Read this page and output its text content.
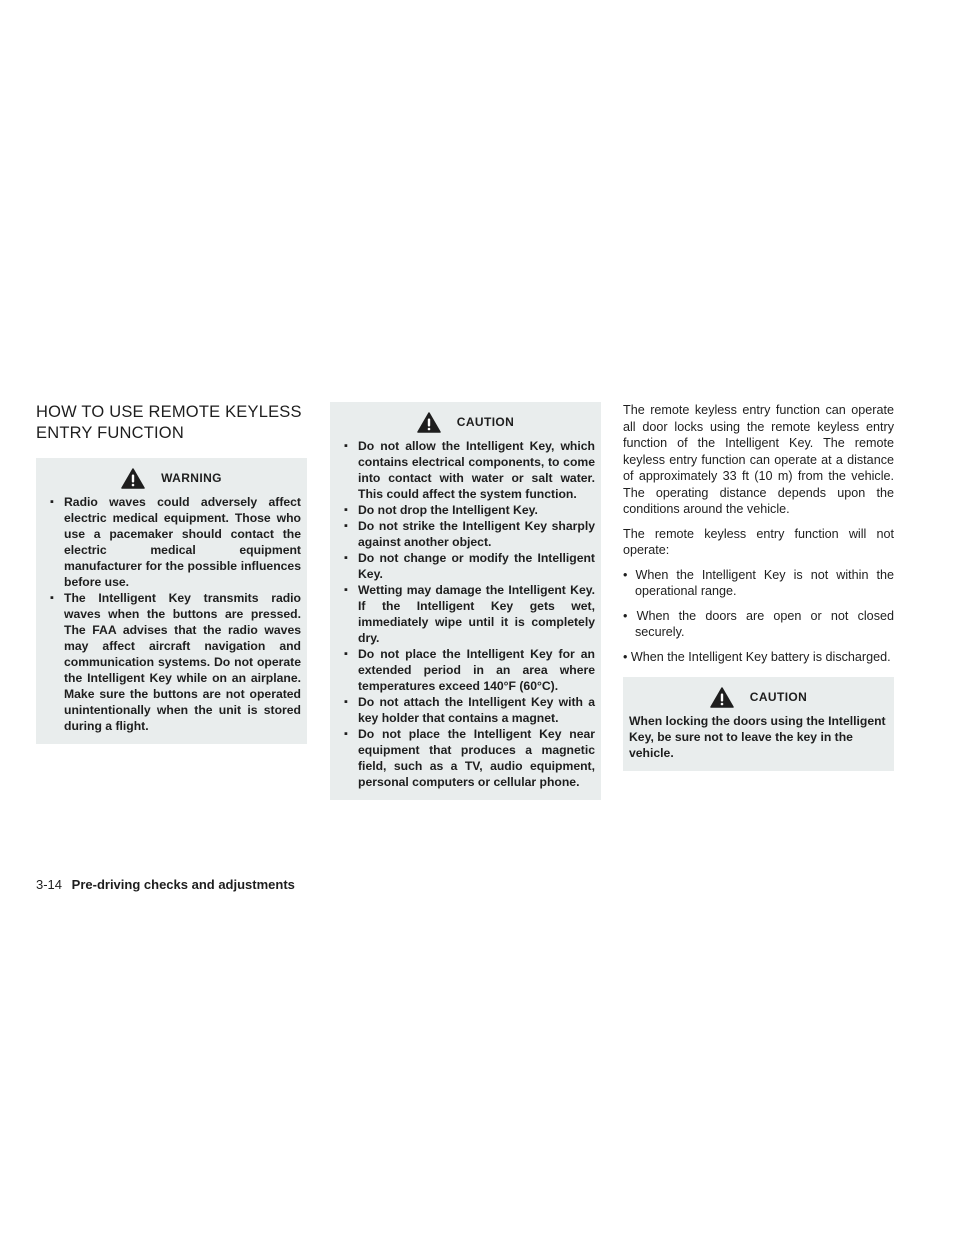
HOW TO USE REMOTE KEYLESS
ENTRY FUNCTION
WARNING
▪ Radio waves could adversely affect electric medical equipment. Those who use a pacemaker should contact the electric medical equipment manufacturer for the possible influences before use.
▪ The Intelligent Key transmits radio waves when the buttons are pressed. The FAA advises that the radio waves may affect aircraft navigation and communication systems. Do not operate the Intelligent Key while on an airplane. Make sure the buttons are not operated unintentionally when the unit is stored during a flight.
CAUTION
▪ Do not allow the Intelligent Key, which contains electrical components, to come into contact with water or salt water. This could affect the system function.
▪ Do not drop the Intelligent Key.
▪ Do not strike the Intelligent Key sharply against another object.
▪ Do not change or modify the Intelligent Key.
▪ Wetting may damage the Intelligent Key. If the Intelligent Key gets wet, immediately wipe until it is completely dry.
▪ Do not place the Intelligent Key for an extended period in an area where temperatures exceed 140°F (60°C).
▪ Do not attach the Intelligent Key with a key holder that contains a magnet.
▪ Do not place the Intelligent Key near equipment that produces a magnetic field, such as a TV, audio equipment, personal computers or cellular phone.

The remote keyless entry function can operate all door locks using the remote keyless entry function of the Intelligent Key. The remote keyless entry function can operate at a distance of approximately 33 ft (10 m) from the vehicle. The operating distance depends upon the conditions around the vehicle.

The remote keyless entry function will not operate:

• When the Intelligent Key is not within the operational range.
• When the doors are open or not closed securely.
• When the Intelligent Key battery is discharged.
CAUTION

When locking the doors using the Intelligent Key, be sure not to leave the key in the vehicle.

3-14 Pre-driving checks and adjustments
